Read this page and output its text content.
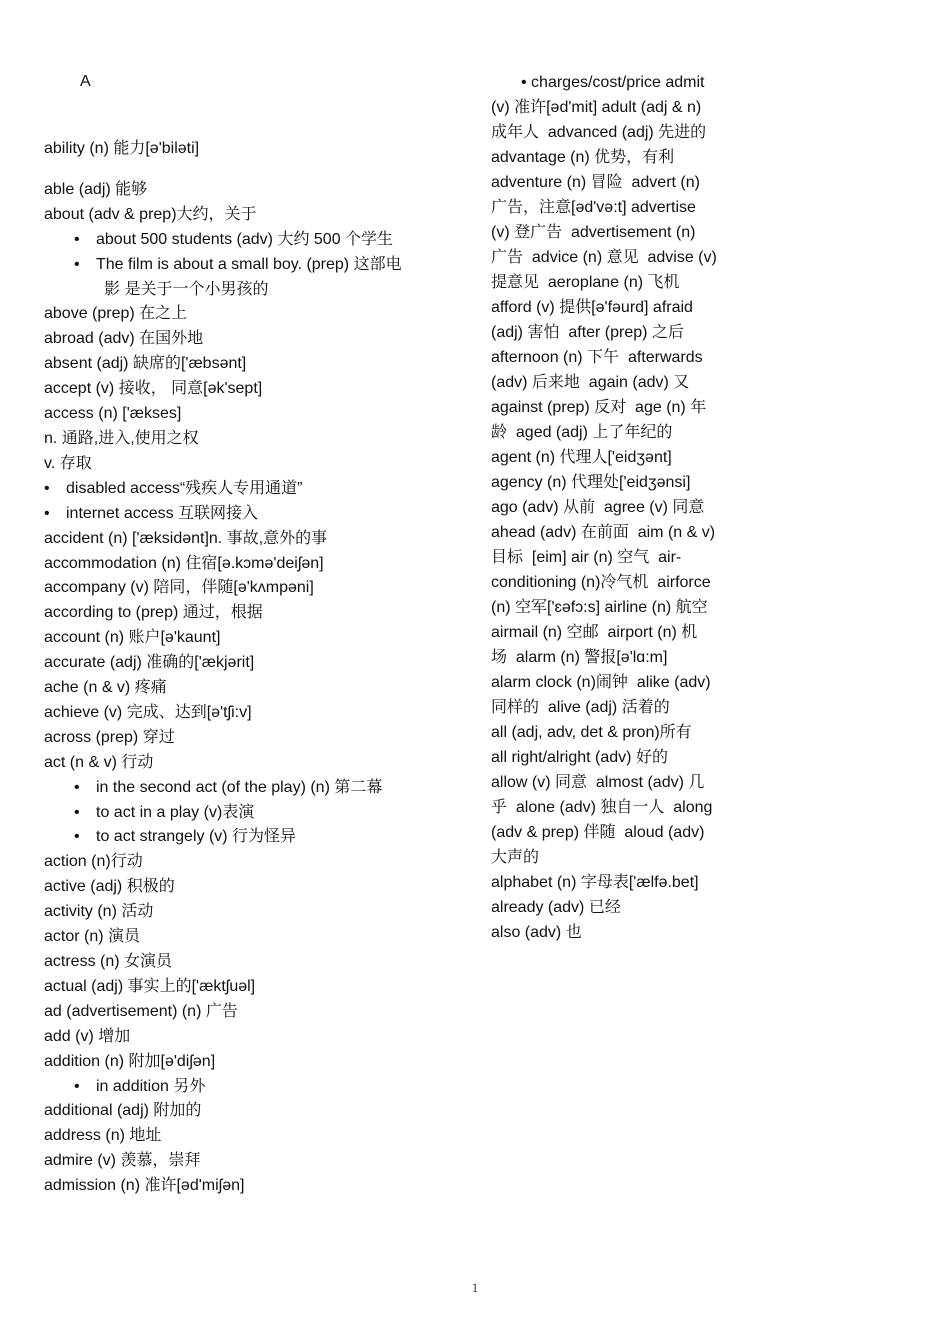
A
ability (n) 能力[ə'biləti]
able (adj) 能够
about (adv & prep)大约，关于
• about 500 students (adv) 大约 500 个学生
• The film is about a small boy. (prep) 这部电
影 是关于一个小男孩的
above (prep) 在之上
abroad (adv) 在国外地
absent (adj) 缺席的['æbsənt]
accept (v) 接收， 同意[ək'sept]
access (n) ['ækses]
n. 通路,进入,使用之权
v. 存取
• disabled access“残疾人专用通道”
• internet access 互联网接入
accident (n) ['æksidənt]n. 事故,意外的事
accommodation (n) 住宿[ə.kɔmə'deiʃən]
accompany (v) 陪同，伴随[ə'kʌmpəni]
according to (prep) 通过，根据
account (n) 账户[ə'kaunt]
accurate (adj) 准确的['ækjərit]
ache (n & v) 疼痛
achieve (v) 完成、达到[ə'tʃi:v]
across (prep) 穿过
act (n & v) 行动
• in the second act (of the play) (n) 第二幕
• to act in a play (v)表演
• to act strangely (v) 行为怪异
action (n)行动
active (adj) 积极的
activity (n) 活动
actor (n) 演员
actress (n) 女演员
actual (adj) 事实上的['æktʃuəl]
ad (advertisement) (n) 广告
add (v) 增加
addition (n) 附加[ə'diʃən]
• in addition 另外
additional (adj) 附加的
address (n) 地址
admire (v) 羡慕，崇拜
admission (n) 准许[əd'miʃən]
• charges/cost/price admit
(v) 准许[əd'mit] adult (adj & n)
成年人  advanced (adj) 先进的
advantage (n) 优势，有利
adventure (n) 冒险  advert (n)
广告，注意[əd'və:t] advertise
(v) 登广告  advertisement (n)
广告  advice (n) 意见  advise (v)
提意见  aeroplane (n) 飞机
afford (v) 提供[ə'fəurd] afraid
(adj) 害怕  after (prep) 之后
afternoon (n) 下午  afterwards
(adv) 后来地  again (adv) 又
against (prep) 反对  age (n) 年
龄  aged (adj) 上了年纪的
agent (n) 代理人['eidʒənt]
agency (n) 代理处['eidʒənsi]
ago (adv) 从前  agree (v) 同意
ahead (adv) 在前面  aim (n & v)
目标  [eim] air (n) 空气  air-
conditioning (n)冷气机  airforce
(n) 空军['ɛəfɔ:s] airline (n) 航空
airmail (n) 空邮  airport (n) 机
场  alarm (n) 警报[ə'lɑ:m]
alarm clock (n)闹钟  alike (adv)
同样的  alive (adj) 活着的
all (adj, adv, det & pron)所有
all right/alright (adv) 好的
allow (v) 同意  almost (adv) 几
乎  alone (adv) 独自一人  along
(adv & prep) 伴随  aloud (adv)
大声的
alphabet (n) 字母表['ælfə.bet]
already (adv) 已经
also (adv) 也
1
